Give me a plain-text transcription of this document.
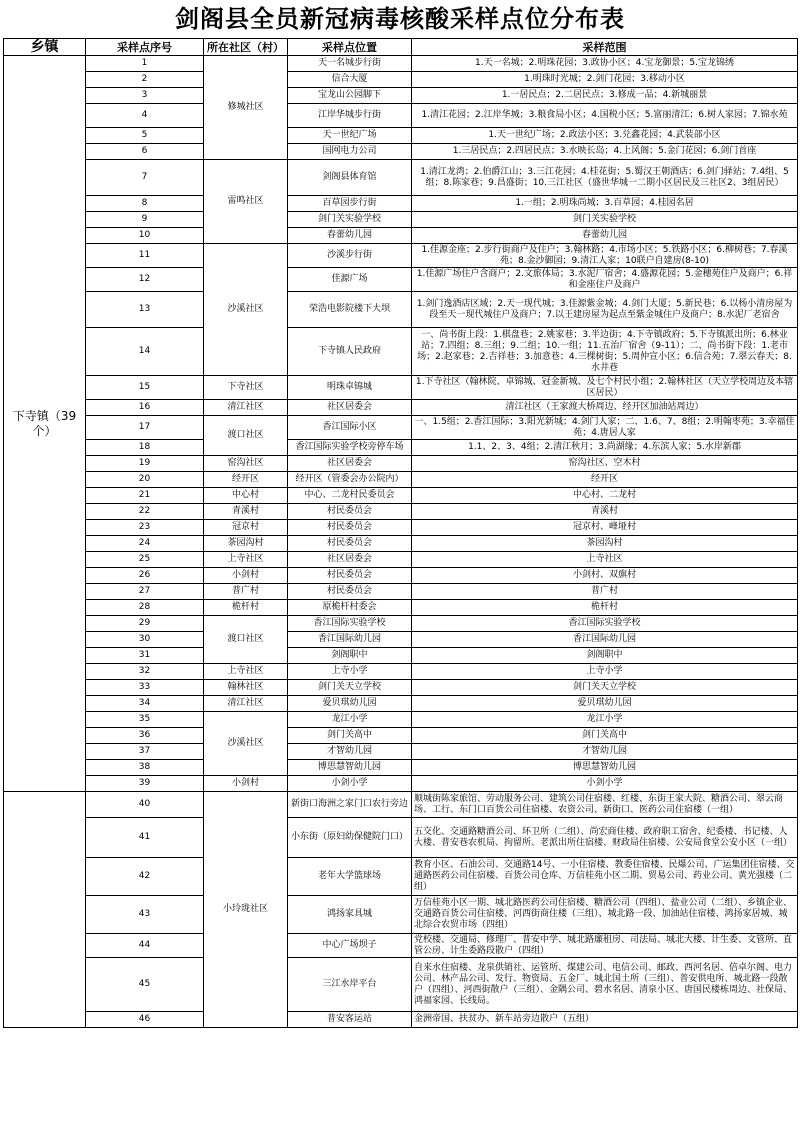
剑阁县全员新冠病毒核酸采样点位分布表
乡镇	采样点序号	所在社区（村）	采样点位置	采样范围
下寺镇（39个）	1	修城社区	天一名城步行街	1.天一名城；2.明珠花园；3.政协小区；4.宝龙御景；5.宝龙锦绣
	2		信合大厦	1.明珠时光城；2.剑门花园；3.移动小区
	3		宝龙山公园脚下	1.一居民点；2.二居民点；3.修成一品；4.新城丽景
	4		江岸华城步行街	1.清江花园；2.江岸华城；3.粮食局小区；4.国税小区；5.富丽清江；6.树人家园；7.锦水苑
	5		天一世纪广场	1.天一世纪广场；2.政法小区；3.兑鑫花园；4.武装部小区
	6		国网电力公司	1.三居民点；2.四居民点；3.水映长岛；4.上风阁；5.金门花园；6.剑门首座
	7	雷鸣社区	剑阁县体育馆	1.清江龙湾；2.伯爵江山；3.三江花园；4.桂花街；5.蜀汉王朝酒店；6.剑门驿站；7.4组、5组；8.陈家巷；9.昌盛街；10.三江社区（盛世华城一二期小区居民及三社区2、3组居民）
	8		百草园步行街	1.一组；2.明珠尚城；3.百草园；4.桂园名居
	9		剑门关实验学校	剑门关实验学校
	10		春蕾幼儿园	春蕾幼儿园
	11	沙溪社区	沙溪步行街	1.佳源金座；2.步行街商户及住户；3.翰林路；4.市场小区；5.铁路小区；6.柳树巷；7.春溪苑；8.金沙御园；9.清江人家；10联户自建房(8-10)
	12		佳源广场	1.佳源广场住户含商户；2.文旅体局；3.水泥厂宿舍；4.盛源花园；5.金穗苑住户及商户；6.祥和金座住户及商户
	13		荣浩电影院楼下大坝	1.剑门逸酒店区域；2.天一现代城；3.佳源紫金城；4.剑门大厦；5.新民巷；6.以杨小清房屋为段至天一现代城住户及商户；7.以王建房屋为起点至紫金城住户及商户；8.水泥厂老宿舍
	14		下寺镇人民政府	一、尚书街上段：1.棋盘巷；2.姚家巷；3.半边街；4.下寺镇政府；5.下寺镇派出所；6.林业站；7.四组；8.三组；9.二组；10.一组；11.五治厂宿舍（9-11）；二、尚书街下段：1.老市场；2.赵家巷；2.吉祥巷；3.加意巷；4.三棵树街；5.周仲宣小区；6.信合苑；7.翠云春天；8.水井巷
	15	下寺社区	明珠卓锦城	1.下寺社区（翰林院、卓锦城、冠金新城、及七个村民小组；2.翰林社区（天立学校周边及本辖区居民）
	16	清江社区	社区居委会	清江社区（王家渡大桥周边、经开区加油站周边）
	17	渡口社区	香江国际小区	一、1.5组；2.香江国际；3.阳光新城；4.剑门人家；二、1.6、7、8组；2.明翰枣苑；3.幸福佳苑；4.唐居人家
	18		香江国际实验学校旁停车场	1.1、2、3、4组；2.清江秋月；3.尚湖缘；4.东滨人家；5.水岸新郡
	19	窑沟社区	社区居委会	窑沟社区、空木村
	20	经开区	经开区（管委会办公院内）	经开区
	21	中心村	中心、二龙村民委员会	中心村、二龙村
	22	青溪村	村民委员会	青溪村
	23	冠京村	村民委员会	冠京村、峰垭村
	24	茶园沟村	村民委员会	茶园沟村
	25	上寺社区	社区居委会	上寺社区
	26	小剑村	村民委员会	小剑村、双旗村
	27	普广村	村民委员会	普广村
	28	桅杆村	原桅杆村委会	桅杆村
	29	渡口社区	香江国际实验学校	香江国际实验学校
	30		香江国际幼儿园	香江国际幼儿园
	31		剑阁职中	剑阁职中
	32	上寺社区	上寺小学	上寺小学
	33	翰林社区	剑门关天立学校	剑门关天立学校
	34	清江社区	爱贝琪幼儿园	爱贝琪幼儿园
	35	沙溪社区	龙江小学	龙江小学
	36		剑门关高中	剑门关高中
	37		才智幼儿园	才智幼儿园
	38		博思慧智幼儿园	博思慧智幼儿园
	39	小剑村	小剑小学	小剑小学
	40	小玲珑社区	新街口海洲之家门口农行旁边	顺城街陈家旅馆、劳动服务公司、建筑公司住宿楼、红楼、东街王家大院、糖酒公司、翠云商场、工行、东门口百货公司住宿楼、农资公司、新街口、医药公司住宿楼（一组）
	41		小东街（原妇幼保健院门口）	五交化、交通路糖酒公司、环卫所（二组）、尚宏商住楼、政府职工宿舍、纪委楼、书记楼、人大楼、普安巷农机局、拘留所、老派出所住宿楼、财政局住宿楼、公安局食堂公安小区（一组）
	42		老年大学篮球场	教育小区、石油公司、交通路14号、一小住宿楼、教委住宿楼、民爆公司、广运集团住宿楼、交通路医药公司住宿楼、百货公司仓库、万信桂苑小区二期、贸易公司、药业公司、黄光强楼（二组）
	43		鸿扬家具城	万信桂苑小区一期、城北路医药公司住宿楼、糖酒公司（四组）、盐业公司（二组）、乡镇企业、交通路百货公司住宿楼、河西街商住楼（三组）、城北路一段、加油站住宿楼、鸿扬家居城、城北综合农贸市场（四组）
	44		中心广场坝子	党校楼、交通局、修理厂、普安中学、城北路廉租房、司法局、城北大楼、计生委、文管所、直管公房、计生委路段散户（四组）
	45		三江水岸平台	自来水住宿楼、龙泉供销社、运管所、煤建公司、电信公司、邮政、西河名居、倍卓尔阁、电力公司、林产品公司、发行、物资局、五金厂、城北国土所（三组）、普安供电所、城北路一段散户（四组）、河西街散户（三组）、金隅公司、碧水名居、清泉小区、唐国民楼栋周边、社保局、鸿福家园、长线局。
	46		普安客运站	金洲帝国、扶贫办、新车站旁边散户（五组）
